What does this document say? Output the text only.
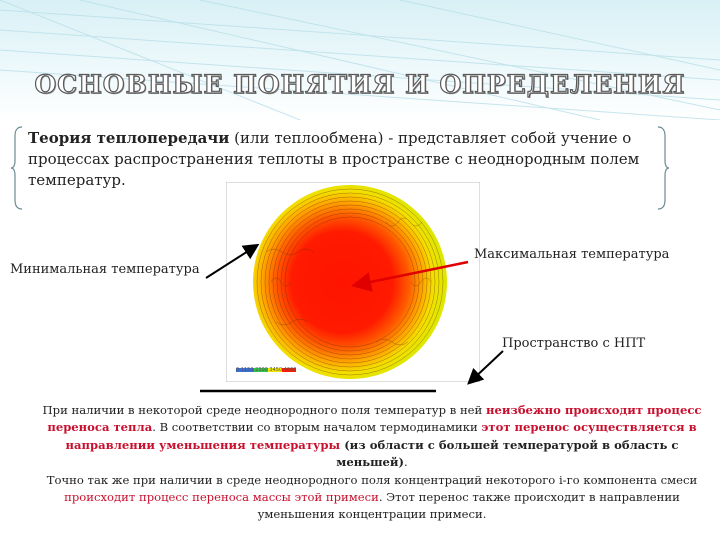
ОСНОВНЫЕ ПОНЯТИЯ И ОПРЕДЕЛЕНИЯ
Теория теплопередачи (или теплообмена) - представляет собой учение о процессах распространения теплоты в пространстве с неоднородным полем температур.
0 1150 2300 3450 4600
Минимальная температура
Максимальная температура
Пространство с НПТ
При наличии в некоторой среде неоднородного поля температур в ней неизбежно происходит процесс переноса тепла. В соответствии со вторым началом термодинамики этот перенос осуществляется в направлении уменьшения температуры (из области с большей температурой в область с меньшей).
Точно так же при наличии в среде неоднородного поля концентраций некоторого i-го компонента смеси происходит процесс переноса массы этой примеси. Этот перенос также происходит в направлении уменьшения концентрации примеси.
